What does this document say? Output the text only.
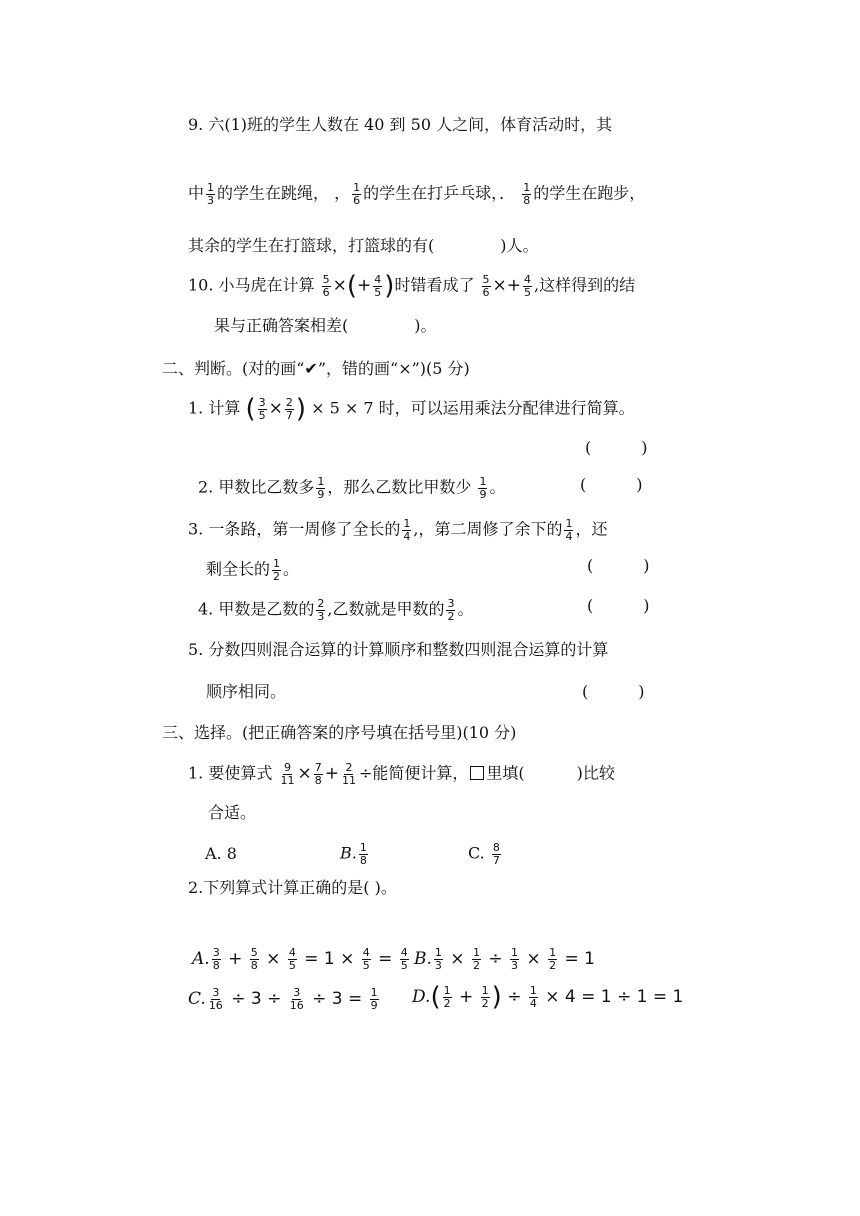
9. 六(1)班的学生人数在 40 到 50 人之间，体育活动时，其
中 $\frac{1}{3}$ 的学生在跳绳， ， $\frac{1}{6}$ 的学生在打乒乓球，． $\frac{1}{8}$ 的学生在跑步，
其余的学生在打篮球，打篮球的有(	)人。
10. 小马虎在计算 $\frac{5}{6}$ ×(+ $\frac{4}{5}$ )时错看成了 $\frac{5}{6} \times+ \frac{4}{5}$ ,这样得到的结
果与正确答案相差(	)。
二、判断。(对的画“✔”，错的画“×”)(5 分)
1. 计算 ( $\frac{3}{5} \times \frac{2}{7}$ ) × 5 × 7 时，可以运用乘法分配律进行简算。
(	)
2. 甲数比乙数多 $\frac{1}{9}$ ，那么乙数比甲数少 $\frac{1}{9}$ 。	(	)
3. 一条路，第一周修了全长的 $\frac{1}{4}$ ,，第二周修了余下的 $\frac{1}{4}$ ，还
剩全长的 $\frac{1}{2}$ 。	(	)
4. 甲数是乙数的 $\frac{2}{3}$ ,乙数就是甲数的 $\frac{3}{2}$ 。	(	)
5. 分数四则混合运算的计算顺序和整数四则混合运算的计算
顺序相同。	(	)
三、选择。(把正确答案的序号填在括号里)(10 分)
1. 要使算式 $\frac{9}{11} \times \frac{7}{8} + \frac{2}{11}$ ÷能简便计算， 里填(	)比较
合适。
A. 8	B. $\frac{1}{8}$	C. $\frac{8}{7}$
2.下列算式计算正确的是( )。
A. $\frac{3}{8} + \frac{5}{8} \times \frac{4}{5} = 1 \times \frac{4}{5} = \frac{4}{5} B$. $\frac{1}{3} \times \frac{1}{2} \div \frac{1}{3} \times \frac{1}{2} = 1$
C. $\frac{3}{16} \div 3 \div \frac{3}{16} \div 3 = \frac{1}{9} D.( \frac{1}{2} + \frac{1}{2}$ ) ÷ $\frac{1}{4} \times 4 = 1 \div 1 = 1$
